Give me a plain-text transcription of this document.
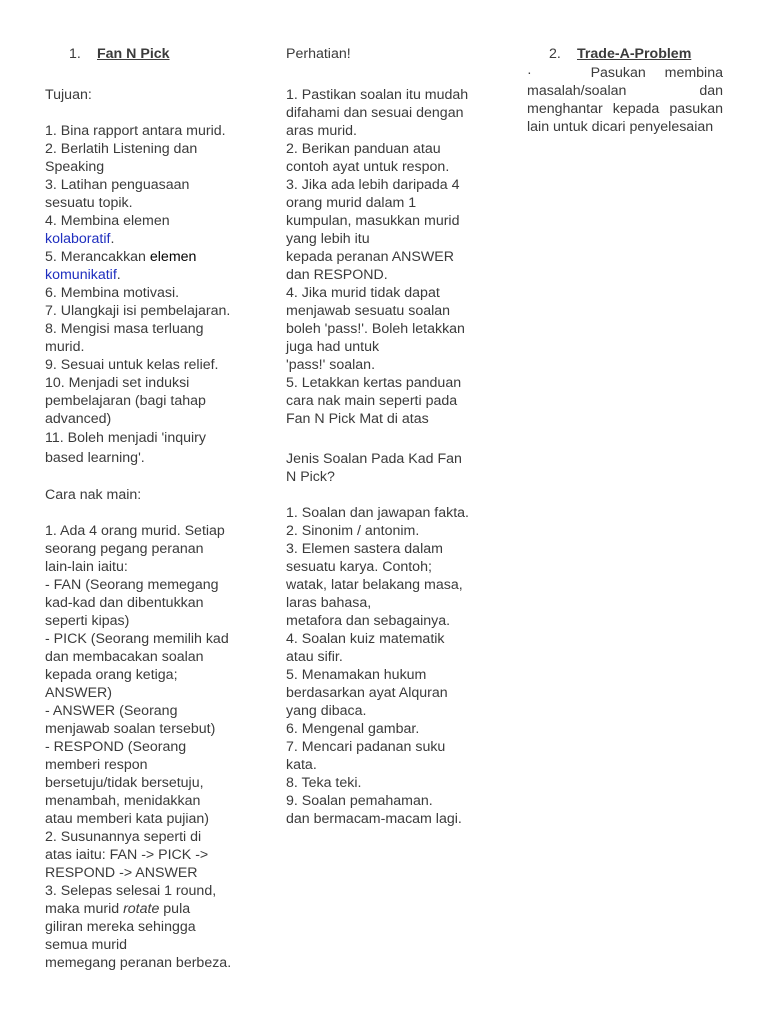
1. Fan N Pick
Tujuan:
1. Bina rapport antara murid.
2. Berlatih Listening dan
Speaking
3. Latihan penguasaan
sesuatu topik.
4. Membina elemen
kolaboratif.
5. Merancakkan elemen
komunikatif.
6. Membina motivasi.
7. Ulangkaji isi pembelajaran.
8. Mengisi masa terluang
murid.
9. Sesuai untuk kelas relief.
10. Menjadi set induksi
pembelajaran (bagi tahap
advanced)
11. Boleh menjadi 'inquiry
based learning'.
Cara nak main:
1. Ada 4 orang murid. Setiap
seorang pegang peranan
lain-lain iaitu:
- FAN (Seorang memegang
kad-kad dan dibentukkan
seperti kipas)
- PICK (Seorang memilih kad
dan membacakan soalan
kepada orang ketiga;
ANSWER)
- ANSWER (Seorang
menjawab soalan tersebut)
- RESPOND (Seorang
memberi respon
bersetuju/tidak bersetuju,
menambah, menidakkan
atau memberi kata pujian)
2. Susunannya seperti di
atas iaitu: FAN -> PICK ->
RESPOND -> ANSWER
3. Selepas selesai 1 round,
maka murid rotate pula
giliran mereka sehingga
semua murid
memegang peranan berbeza.
Perhatian!
1. Pastikan soalan itu mudah
difahami dan sesuai dengan
aras murid.
2. Berikan panduan atau
contoh ayat untuk respon.
3. Jika ada lebih daripada 4
orang murid dalam 1
kumpulan, masukkan murid
yang lebih itu
kepada peranan ANSWER
dan RESPOND.
4. Jika murid tidak dapat
menjawab sesuatu soalan
boleh 'pass!'. Boleh letakkan
juga had untuk
'pass!' soalan.
5. Letakkan kertas panduan
cara nak main seperti pada
Fan N Pick Mat di atas
Jenis Soalan Pada Kad Fan
N Pick?
1. Soalan dan jawapan fakta.
2. Sinonim / antonim.
3. Elemen sastera dalam
sesuatu karya. Contoh;
watak, latar belakang masa,
laras bahasa,
metafora dan sebagainya.
4. Soalan kuiz matematik
atau sifir.
5. Menamakan hukum
berdasarkan ayat Alquran
yang dibaca.
6. Mengenal gambar.
7. Mencari padanan suku
kata.
8. Teka teki.
9. Soalan pemahaman.
dan bermacam-macam lagi.
2. Trade-A-Problem
·	Pasukan membina masalah/soalan dan menghantar kepada pasukan lain untuk dicari penyelesaian
